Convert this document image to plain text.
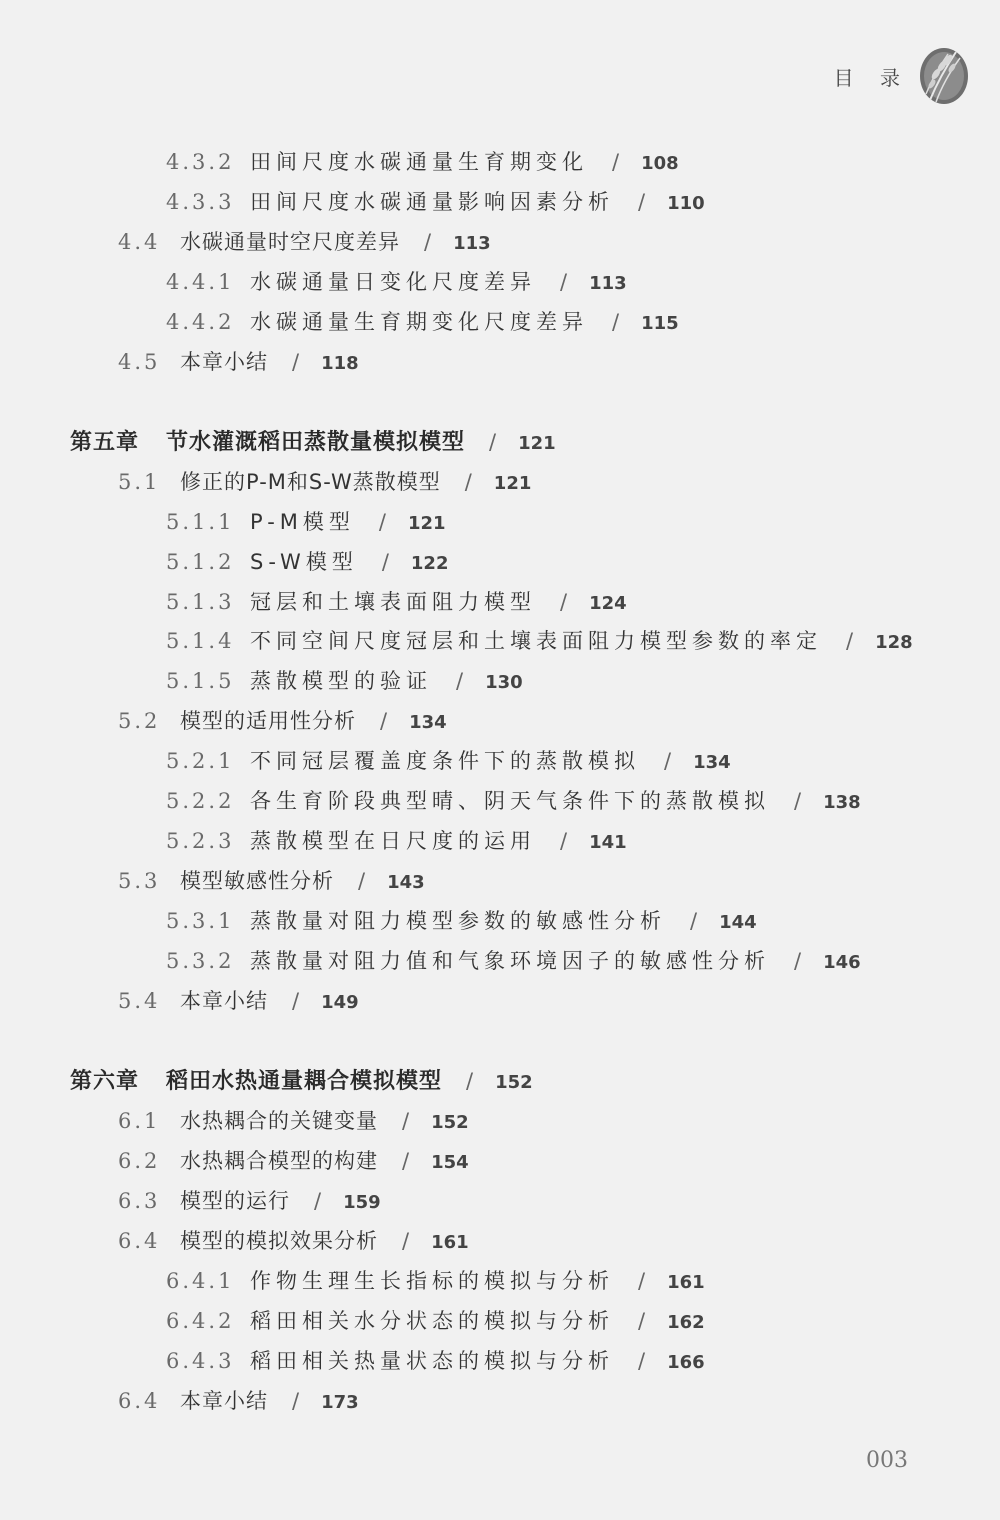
目 录
4.3.2 田间尺度水碳通量生育期变化 / 108
4.3.3 田间尺度水碳通量影响因素分析 / 110
4.4 水碳通量时空尺度差异 / 113
4.4.1 水碳通量日变化尺度差异 / 113
4.4.2 水碳通量生育期变化尺度差异 / 115
4.5 本章小结 / 118
第五章	节水灌溉稻田蒸散量模拟模型 / 121
5.1 修正的P-M和S-W蒸散模型 / 121
5.1.1 P-M模型 / 121
5.1.2 S-W模型 / 122
5.1.3 冠层和土壤表面阻力模型 / 124
5.1.4 不同空间尺度冠层和土壤表面阻力模型参数的率定 / 128
5.1.5 蒸散模型的验证 / 130
5.2 模型的适用性分析 / 134
5.2.1 不同冠层覆盖度条件下的蒸散模拟 / 134
5.2.2 各生育阶段典型晴、阴天气条件下的蒸散模拟 / 138
5.2.3 蒸散模型在日尺度的运用 / 141
5.3 模型敏感性分析 / 143
5.3.1 蒸散量对阻力模型参数的敏感性分析 / 144
5.3.2 蒸散量对阻力值和气象环境因子的敏感性分析 / 146
5.4 本章小结 / 149
第六章	稻田水热通量耦合模拟模型 / 152
6.1 水热耦合的关键变量 / 152
6.2 水热耦合模型的构建 / 154
6.3 模型的运行 / 159
6.4 模型的模拟效果分析 / 161
6.4.1 作物生理生长指标的模拟与分析 / 161
6.4.2 稻田相关水分状态的模拟与分析 / 162
6.4.3 稻田相关热量状态的模拟与分析 / 166
6.4 本章小结 / 173
003
